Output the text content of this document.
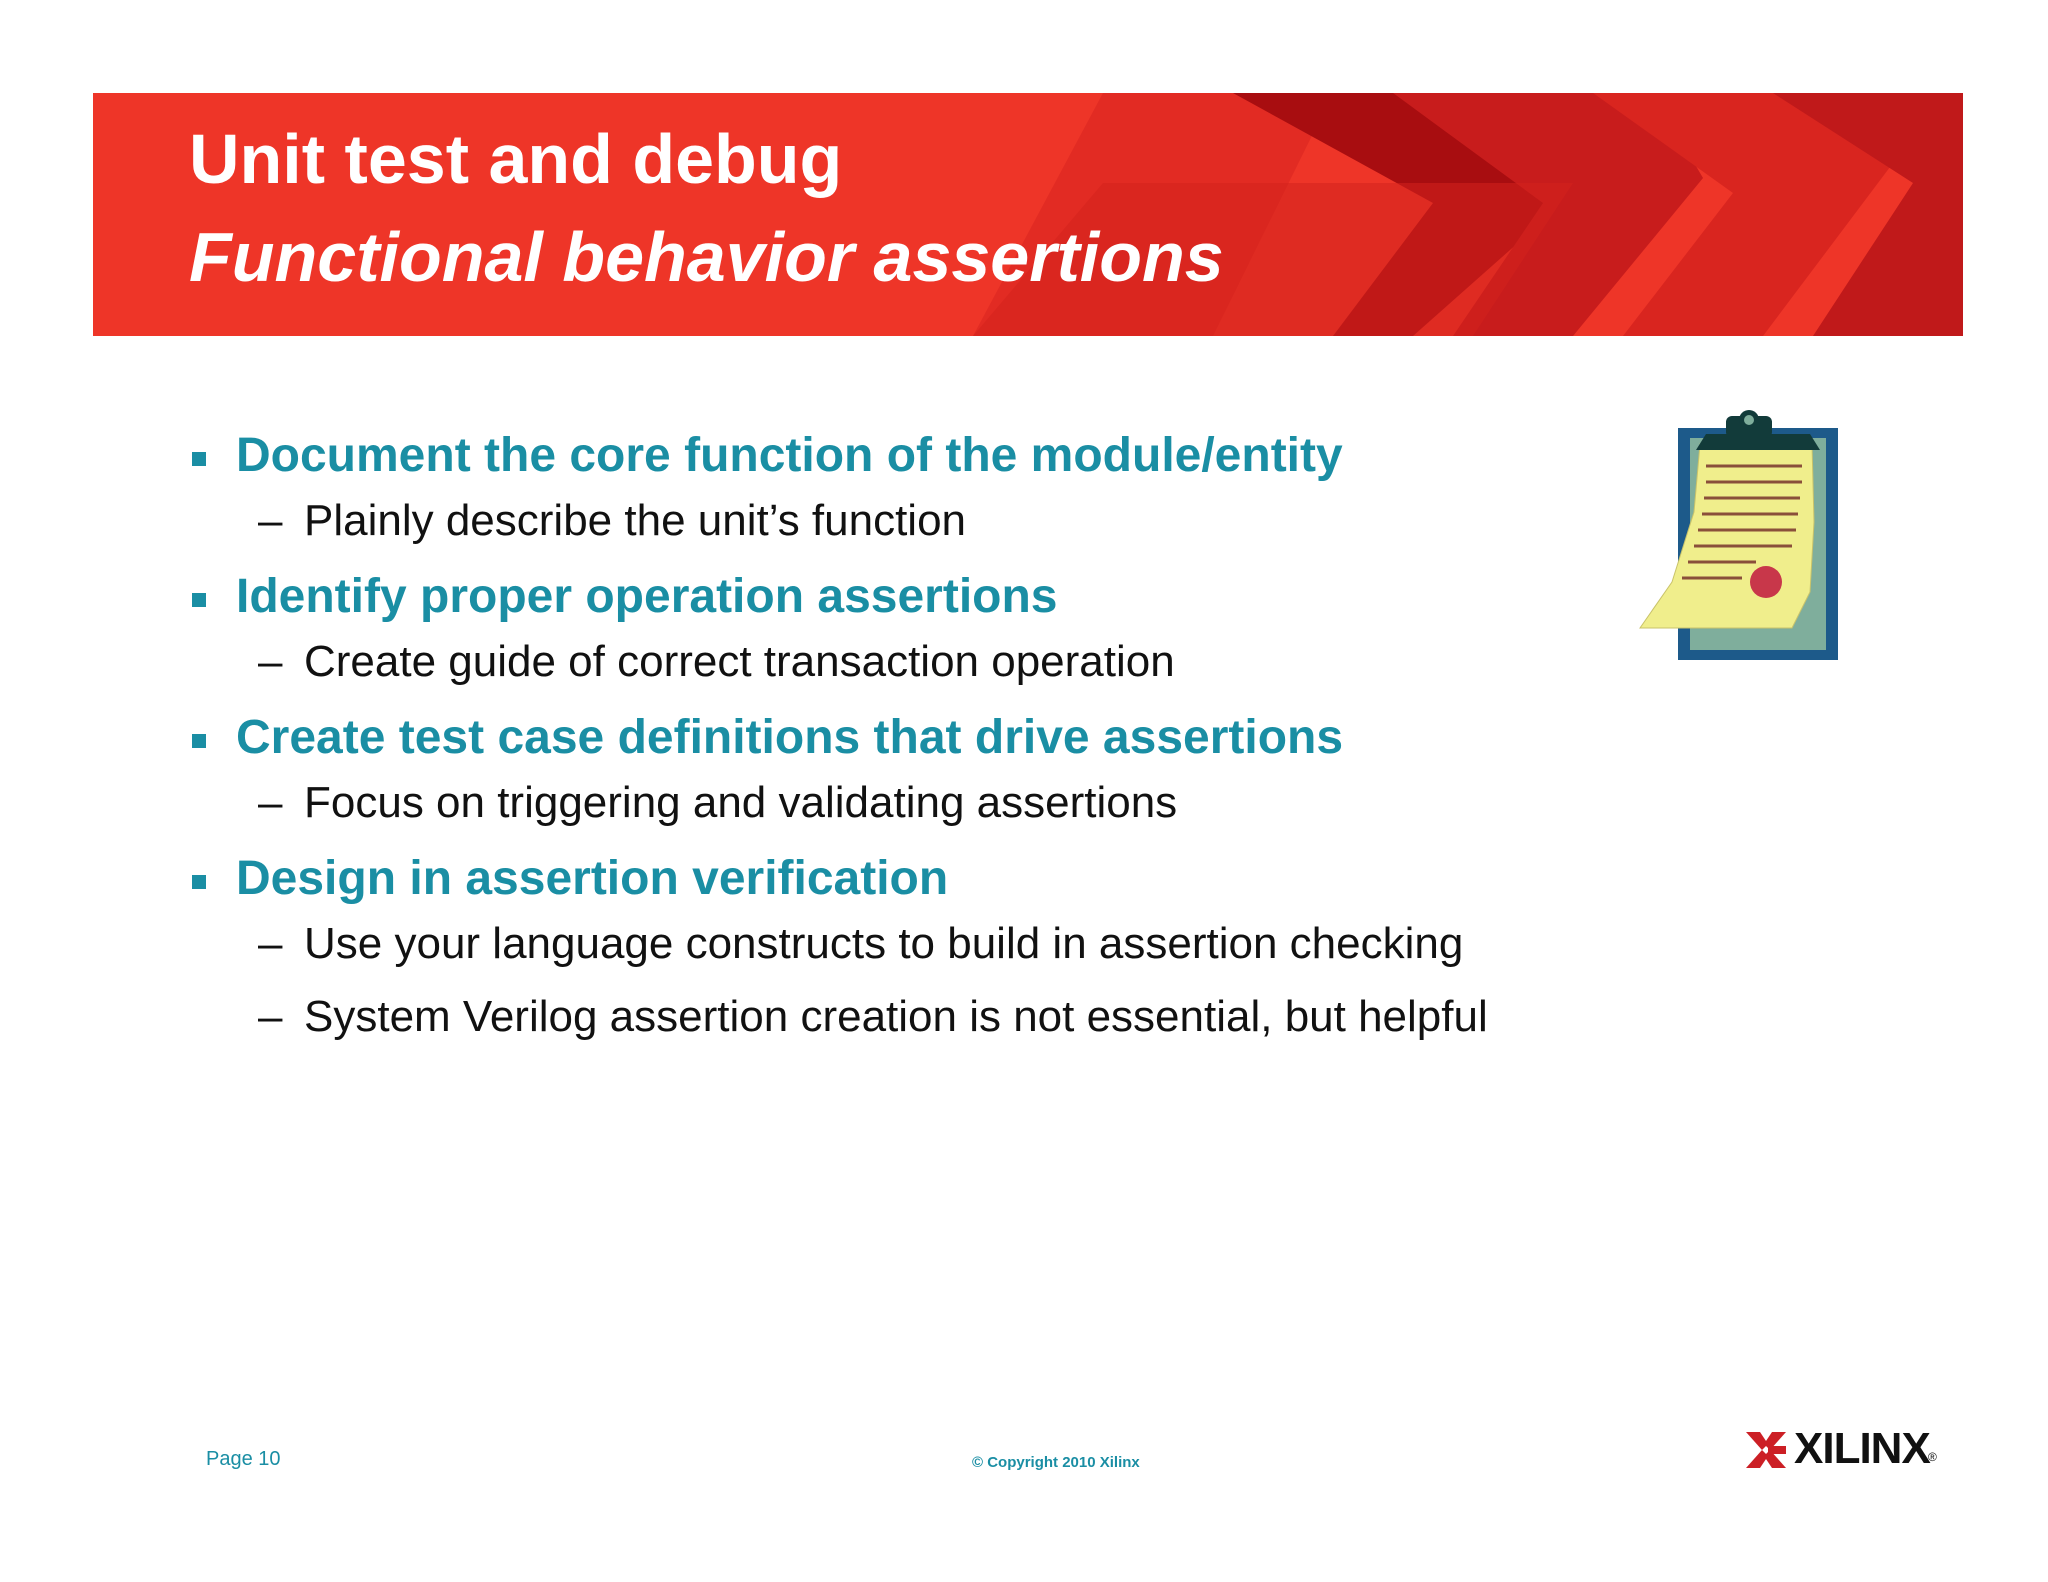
Unit test and debug
Functional behavior assertions
Document the core function of the module/entity
– Plainly describe the unit’s function
Identify proper operation assertions
– Create guide of correct transaction operation
Create test case definitions that drive assertions
– Focus on triggering and validating assertions
Design in assertion verification
– Use your language constructs to build in assertion checking
– System Verilog assertion creation is not essential, but helpful
Page 10	© Copyright 2010 Xilinx	XILINX
®
